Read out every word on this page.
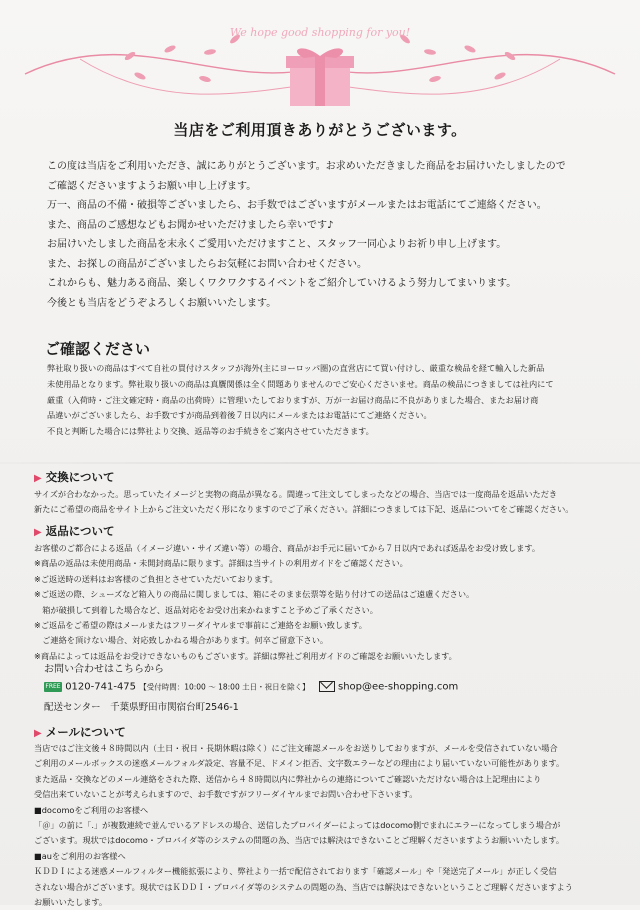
We hope good shopping for you!
当店をご利用頂きありがとうございます。

この度は当店をご利用いただき、誠にありがとうございます。お求めいただきました商品をお届けいたしましたので

ご確認くださいますようお願い申し上げます。

万一、商品の不備・破損等ございましたら、お手数ではございますがメールまたはお電話にてご連絡ください。

また、商品のご感想などもお聞かせいただけましたら幸いです♪

お届けいたしました商品を末永くご愛用いただけますこと、スタッフ一同心よりお祈り申し上げます。

また、お探しの商品がございましたらお気軽にお問い合わせください。

これからも、魅力ある商品、楽しくワクワクするイベントをご紹介していけるよう努力してまいります。

今後とも当店をどうぞよろしくお願いいたします。

ご確認ください

弊社取り扱いの商品はすべて自社の買付けスタッフが海外(主にヨーロッパ圏)の直営店にて買い付けし、厳重な検品を経て輸入した新品

未使用品となります。弊社取り扱いの商品は真贋関係は全く問題ありませんのでご安心くださいませ。商品の検品につきましては社内にて

厳重（入荷時・ご注文確定時・商品の出荷時）に管理いたしておりますが、万が一お届け商品に不良がありました場合、またお届け商

品違いがございましたら、お手数ですが商品到着後７日以内にメールまたはお電話にてご連絡ください。

不良と判断した場合には弊社より交換、返品等のお手続きをご案内させていただきます。

▶ 交換について

サイズが合わなかった。思っていたイメージと実物の商品が異なる。間違って注文してしまったなどの場合、当店では一度商品を返品いただき

新たにご希望の商品をサイト上からご注文いただく形になりますのでご了承ください。詳細につきましては下記、返品についてをご確認ください。

▶ 返品について

お客様のご都合による返品（イメージ違い・サイズ違い等）の場合、商品がお手元に届いてから７日以内であれば返品をお受け致します。

※商品の返品は未使用商品・未開封商品に限ります。詳細は当サイトの利用ガイドをご確認ください。

※ご返送時の送料はお客様のご負担とさせていただいております。

※ご返送の際、シューズなど箱入りの商品に関しましては、箱にそのまま伝票等を貼り付けての送品はご遠慮ください。

　箱が破損して到着した場合など、返品対応をお受け出来かねますこと予めご了承ください。

※ご返品をご希望の際はメールまたはフリーダイヤルまで事前にご連絡をお願い致します。

　ご連絡を頂けない場合、対応致しかねる場合があります。何卒ご留意下さい。

※商品によっては返品をお受けできないものもございます。詳細は弊社ご利用ガイドのご確認をお願いいたします。

お問い合わせはこちらから
FREE 0120-741-475 【受付時間：10:00 ～ 18:00 土日・祝日を除く】	shop@ee-shopping.com
配送センター　千葉県野田市関宿台町2546-1
▶ メールについて

当店ではご注文後４８時間以内（土日・祝日・長期休暇は除く）にご注文確認メールをお送りしておりますが、メールを受信されていない場合

ご利用のメールボックスの迷惑メールフォルダ設定、容量不足、ドメイン拒否、文字数エラーなどの理由により届いていない可能性があります。

また返品・交換などのメール連絡をされた際、送信から４８時間以内に弊社からの連絡についてご確認いただけない場合は上記理由により

受信出来ていないことが考えられますので、お手数ですがフリーダイヤルまでお問い合わせ下さいます。

■docomoをご利用のお客様へ

「＠」の前に「.」が複数連続で並んでいるアドレスの場合、送信したプロバイダーによってはdocomo側でまれにエラーになってしまう場合が

ございます。現状ではdocomo・プロバイダ等のシステムの問題の為、当店では解決はできないことご理解くださいますようお願いいたします。

■auをご利用のお客様へ

ＫＤＤＩによる迷惑メールフィルター機能拡張により、弊社より一括で配信されております「確認メール」や「発送完了メール」が正しく受信

されない場合がございます。現状ではＫＤＤＩ・プロバイダ等のシステムの問題の為、当店では解決はできないということご理解くださいますよう

お願いいたします。
